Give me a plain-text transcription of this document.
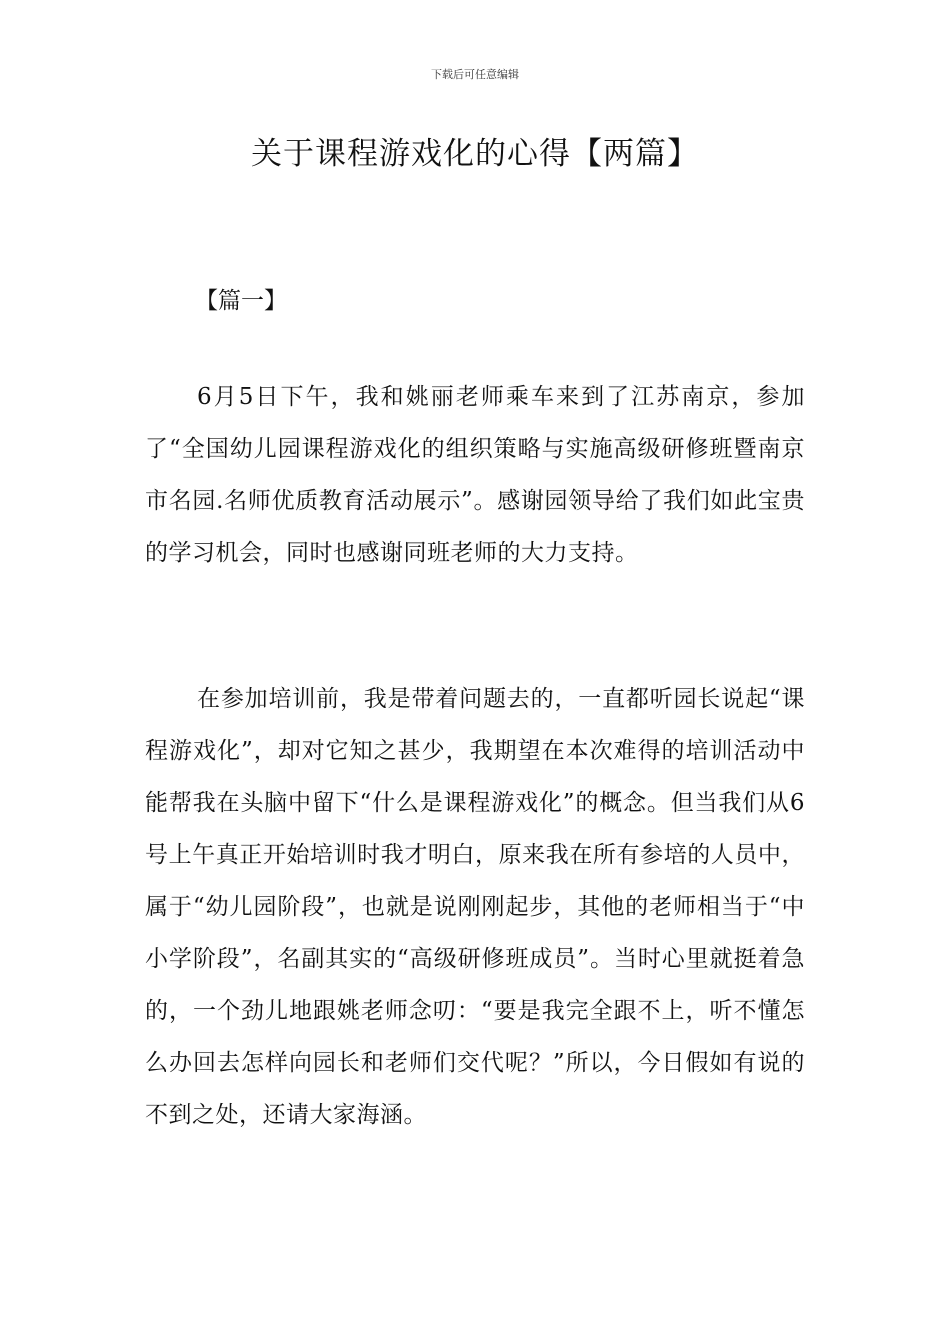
下载后可任意编辑
关于课程游戏化的心得【两篇】
【篇一】

6月5日下午，我和姚丽老师乘车来到了江苏南京，参加了“全国幼儿园课程游戏化的组织策略与实施高级研修班暨南京市名园.名师优质教育活动展示”。感谢园领导给了我们如此宝贵的学习机会，同时也感谢同班老师的大力支持。

在参加培训前，我是带着问题去的，一直都听园长说起“课程游戏化”，却对它知之甚少，我期望在本次难得的培训活动中能帮我在头脑中留下“什么是课程游戏化”的概念。但当我们从6号上午真正开始培训时我才明白，原来我在所有参培的人员中，属于“幼儿园阶段”，也就是说刚刚起步，其他的老师相当于“中小学阶段”，名副其实的“高级研修班成员”。当时心里就挺着急的，一个劲儿地跟姚老师念叨：“要是我完全跟不上，听不懂怎么办回去怎样向园长和老师们交代呢？”所以，今日假如有说的不到之处，还请大家海涵。
